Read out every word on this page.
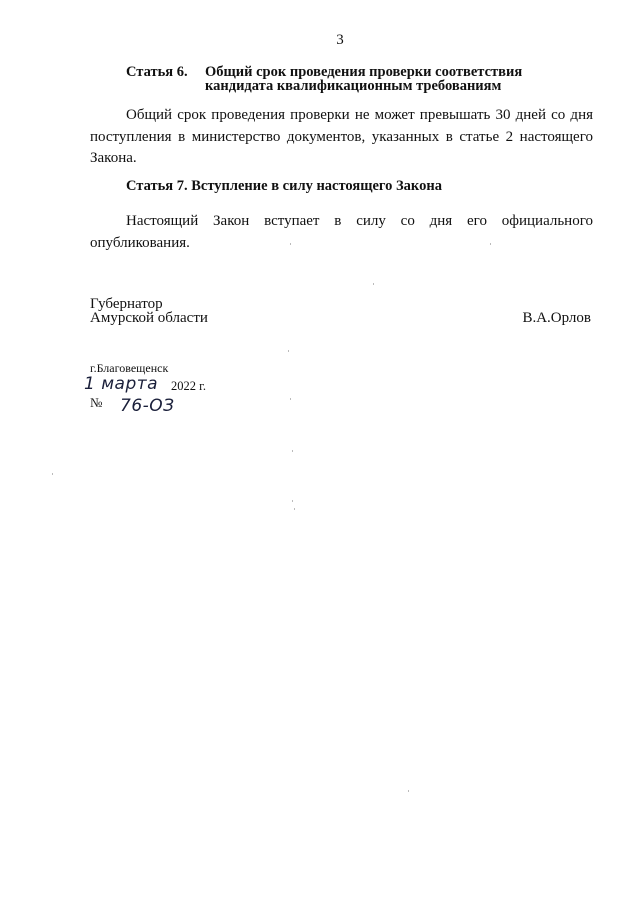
3
Статья 6. Общий срок проведения проверки соответствия кандидата квалификационным требованиям
Общий срок проведения проверки не может превышать 30 дней со дня поступления в министерство документов, указанных в статье 2 настоящего Закона.
Статья 7. Вступление в силу настоящего Закона
Настоящий Закон вступает в силу со дня его официального опубликования.
Губернатор
Амурской области	В.А.Орлов
г.Благовещенск
1 марта 2022 г.
№ 76-ОЗ
